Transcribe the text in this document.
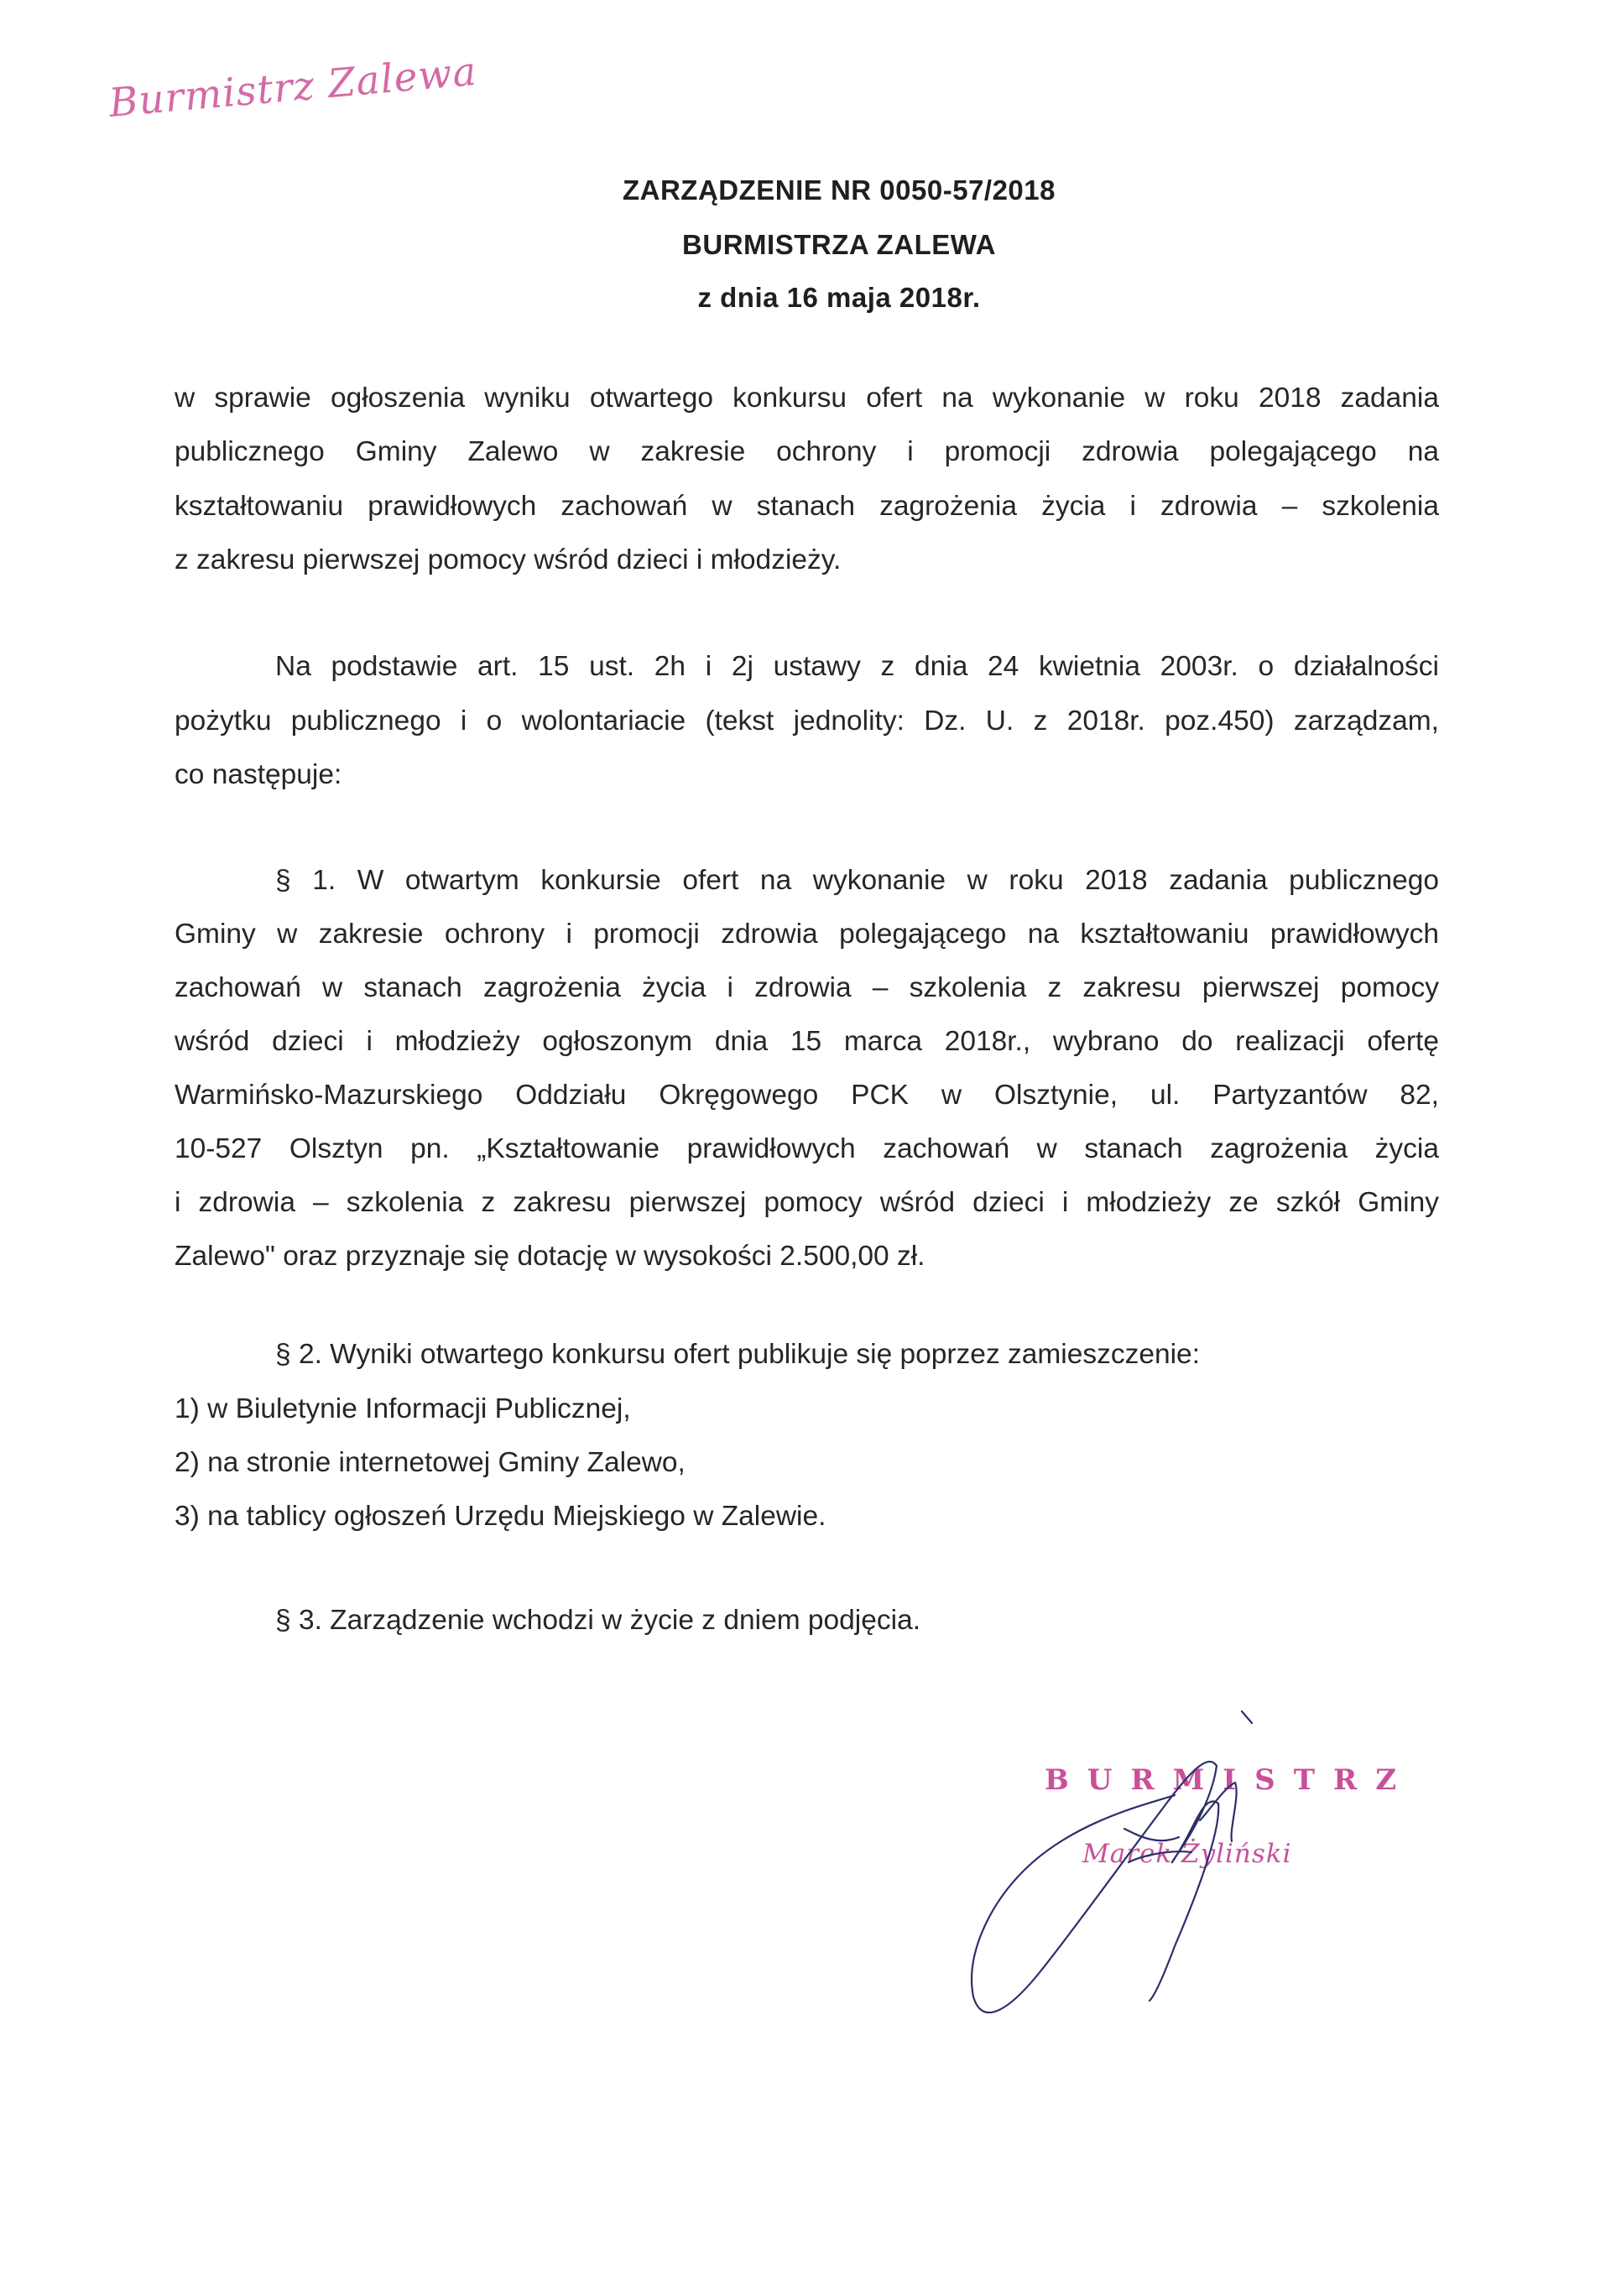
Burmistrz Zalewa
ZARZĄDZENIE NR 0050-57/2018
BURMISTRZA ZALEWA
z dnia 16 maja 2018r.
w sprawie ogłoszenia wyniku otwartego konkursu ofert na wykonanie w roku 2018 zadania
publicznego Gminy Zalewo w zakresie ochrony i promocji zdrowia polegającego na
kształtowaniu prawidłowych zachowań w stanach zagrożenia życia i zdrowia – szkolenia
z zakresu pierwszej pomocy wśród dzieci i młodzieży.
Na podstawie art. 15 ust. 2h i 2j ustawy z dnia 24 kwietnia 2003r. o działalności
pożytku publicznego i o wolontariacie (tekst jednolity: Dz. U. z 2018r. poz.450) zarządzam,
co następuje:
§ 1. W otwartym konkursie ofert na wykonanie w roku 2018 zadania publicznego
Gminy w zakresie ochrony i promocji zdrowia polegającego na kształtowaniu prawidłowych
zachowań w stanach zagrożenia życia i zdrowia – szkolenia z zakresu pierwszej pomocy
wśród dzieci i młodzieży ogłoszonym dnia 15 marca 2018r., wybrano do realizacji ofertę
Warmińsko-Mazurskiego Oddziału Okręgowego PCK w Olsztynie, ul. Partyzantów 82,
10-527 Olsztyn pn. „Kształtowanie prawidłowych zachowań w stanach zagrożenia życia
i zdrowia – szkolenia z zakresu pierwszej pomocy wśród dzieci i młodzieży ze szkół Gminy
Zalewo" oraz przyznaje się dotację w wysokości 2.500,00 zł.
§ 2. Wyniki otwartego konkursu ofert publikuje się poprzez zamieszczenie:
1) w Biuletynie Informacji Publicznej,
2) na stronie internetowej Gminy Zalewo,
3) na tablicy ogłoszeń Urzędu Miejskiego w Zalewie.
§ 3. Zarządzenie wchodzi w życie z dniem podjęcia.
BURMISTRZ
Marek Żyliński
